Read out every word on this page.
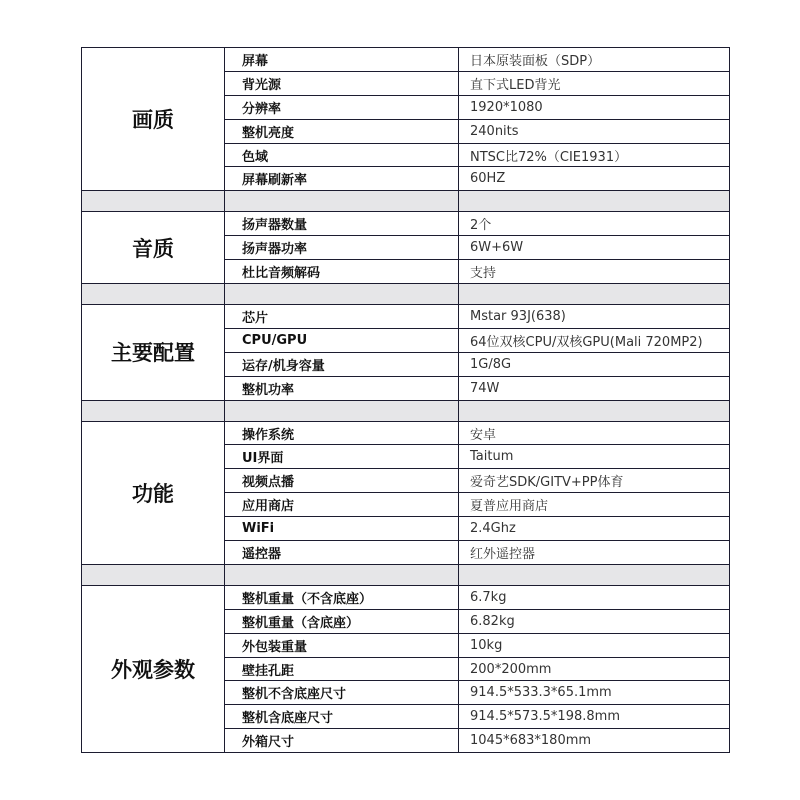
画质	屏幕	日本原装面板（SDP）
	背光源	直下式LED背光
	分辨率	1920*1080
	整机亮度	240nits
	色域	NTSC比72%（CIE1931）
	屏幕刷新率	60HZ

音质	扬声器数量	2个
	扬声器功率	6W+6W
	杜比音频解码	支持

主要配置	芯片	Mstar 93J(638)
	CPU/GPU	64位双核CPU/双核GPU(Mali 720MP2)
	运存/机身容量	1G/8G
	整机功率	74W

功能	操作系统	安卓
	UI界面	Taitum
	视频点播	爱奇艺SDK/GITV+PP体育
	应用商店	夏普应用商店
	WiFi	2.4Ghz
	遥控器	红外遥控器

外观参数	整机重量（不含底座）	6.7kg
	整机重量（含底座）	6.82kg
	外包装重量	10kg
	壁挂孔距	200*200mm
	整机不含底座尺寸	914.5*533.3*65.1mm
	整机含底座尺寸	914.5*573.5*198.8mm
	外箱尺寸	1045*683*180mm
